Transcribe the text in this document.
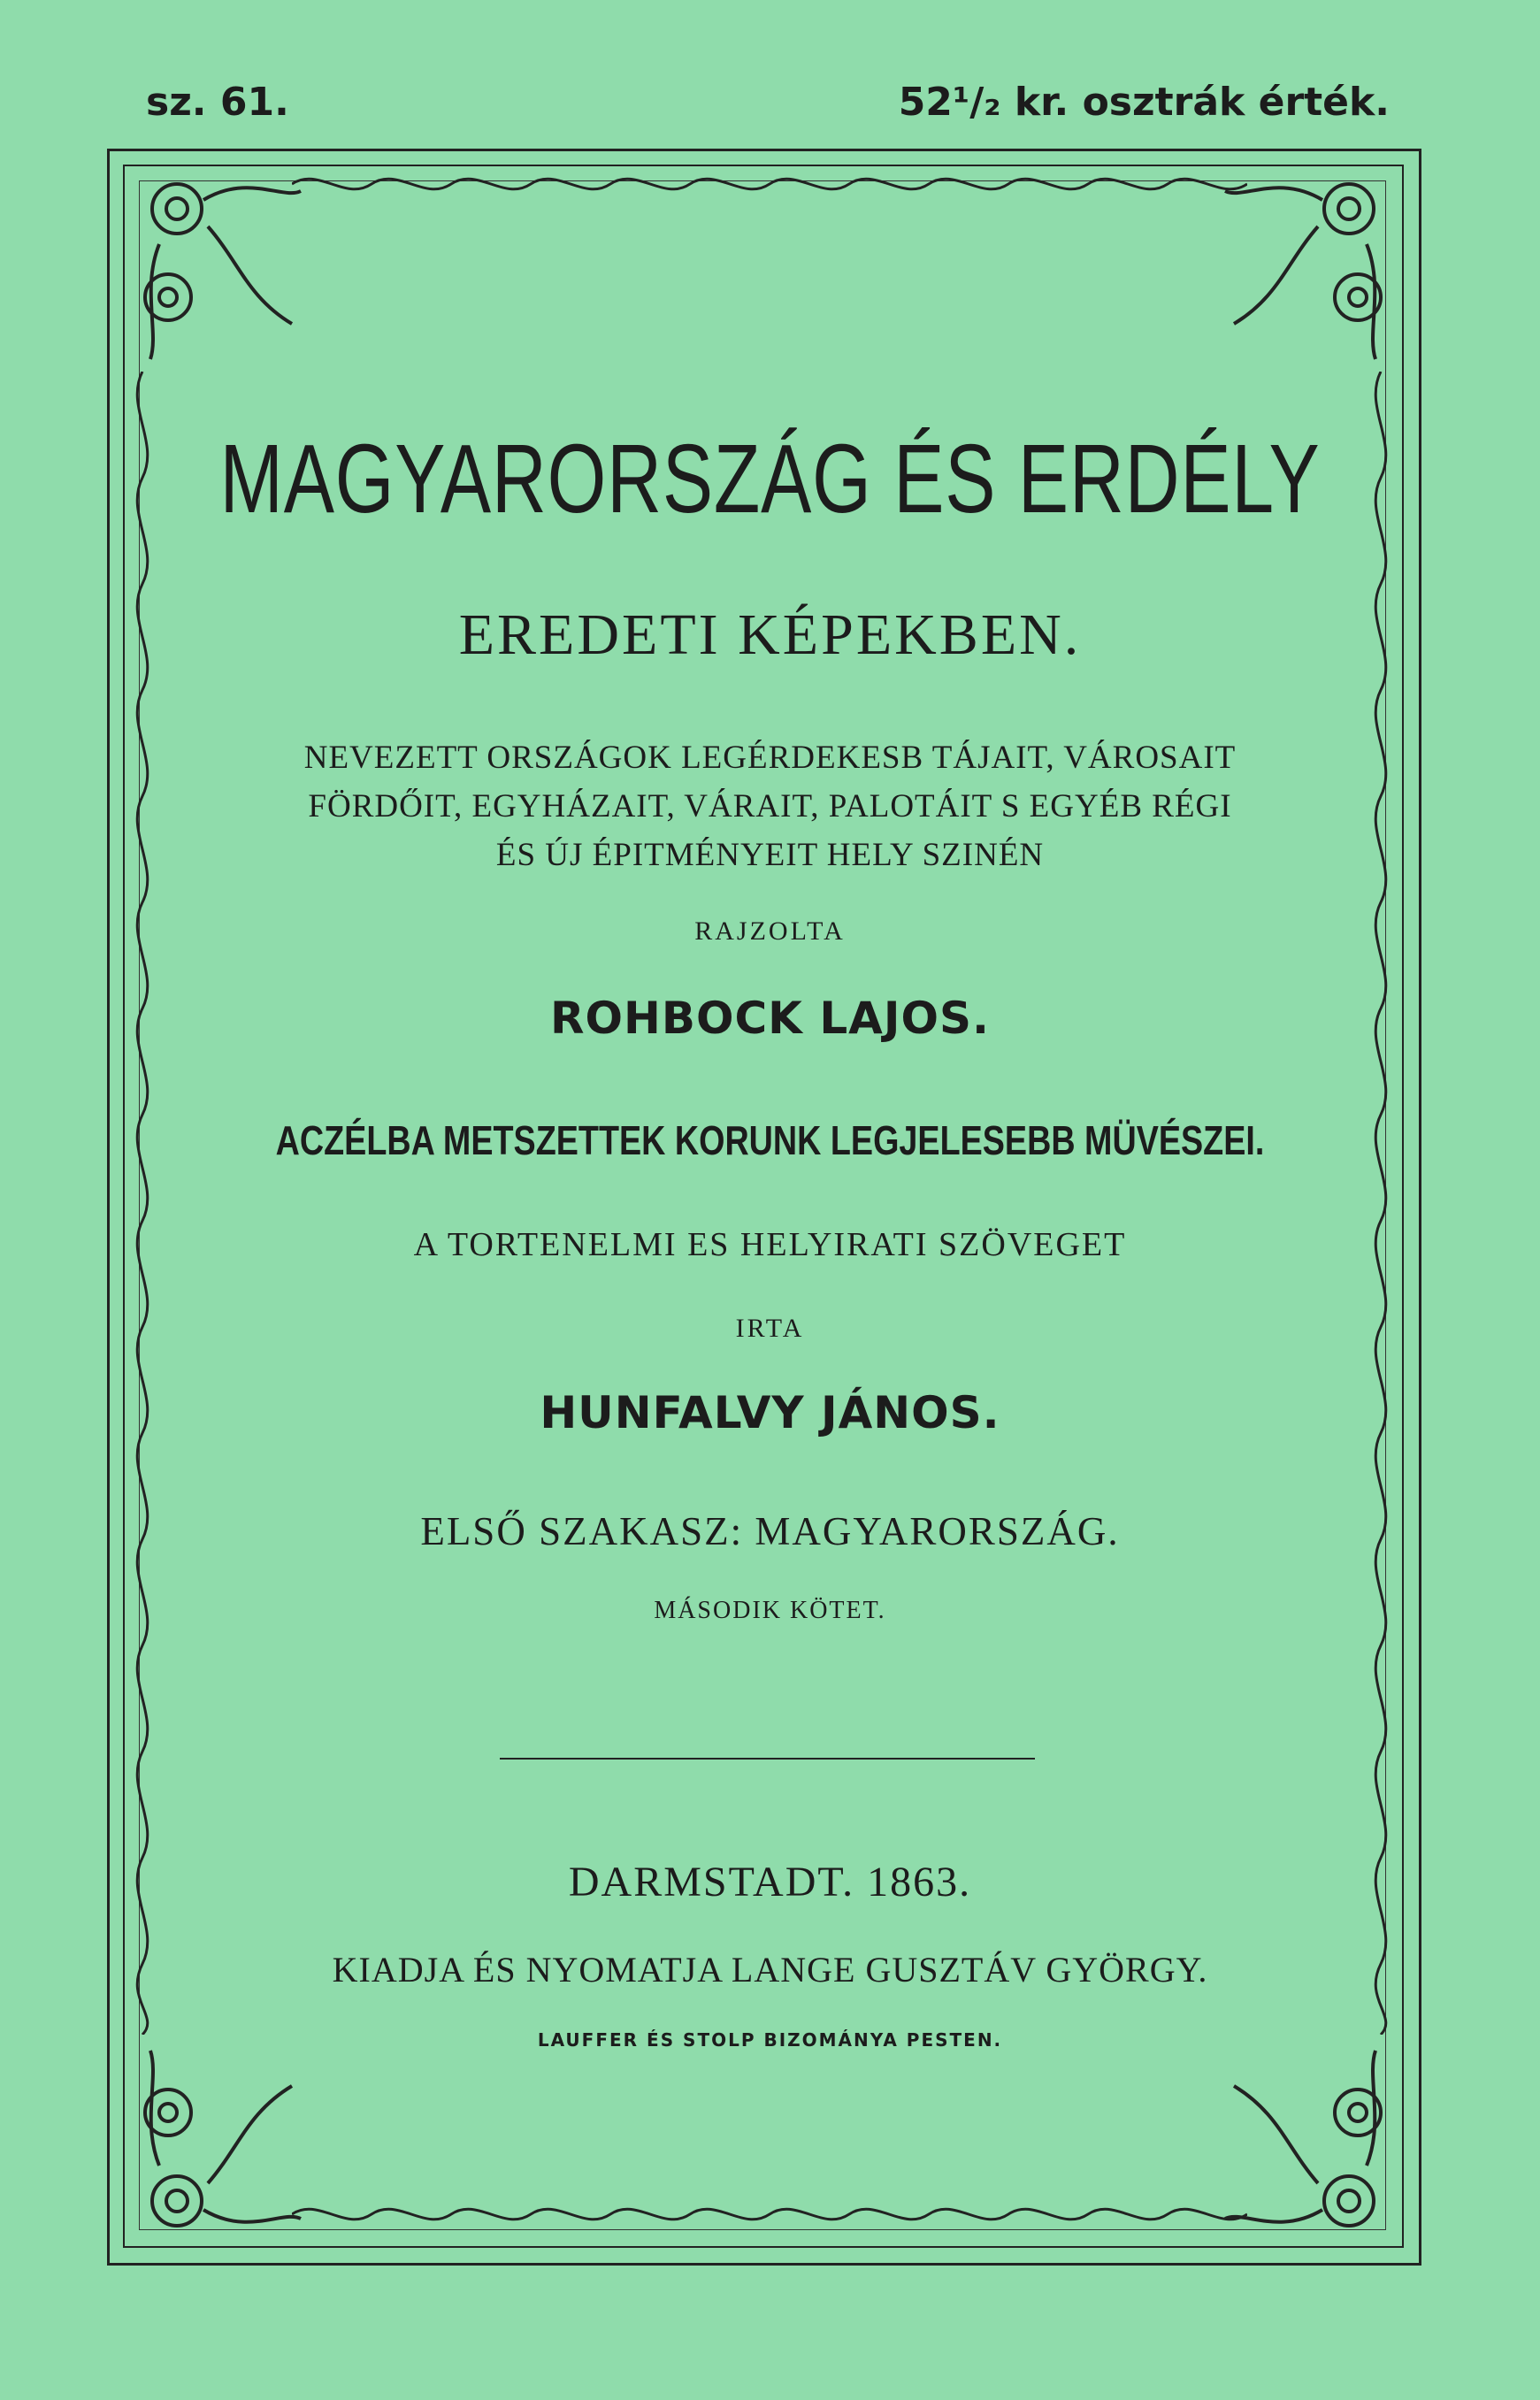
sz. 61.	52¹/₂ kr. osztrák érték.
MAGYARORSZÁG ÉS ERDÉLY
EREDETI KÉPEKBEN.
NEVEZETT ORSZÁGOK LEGÉRDEKESB TÁJAIT, VÁROSAIT
FÖRDŐIT, EGYHÁZAIT, VÁRAIT, PALOTÁIT S EGYÉB RÉGI
ÉS ÚJ ÉPITMÉNYEIT HELY SZINÉN
RAJZOLTA
ROHBOCK LAJOS.
ACZÉLBA METSZETTEK KORUNK LEGJELESEBB MÜVÉSZEI.
A TORTENELMI ES HELYIRATI SZÖVEGET
IRTA
HUNFALVY JÁNOS.
ELSŐ SZAKASZ: MAGYARORSZÁG.
MÁSODIK KÖTET.
DARMSTADT. 1863.
KIADJA ÉS NYOMATJA LANGE GUSZTÁV GYÖRGY.
LAUFFER ÉS STOLP BIZOMÁNYA PESTEN.
